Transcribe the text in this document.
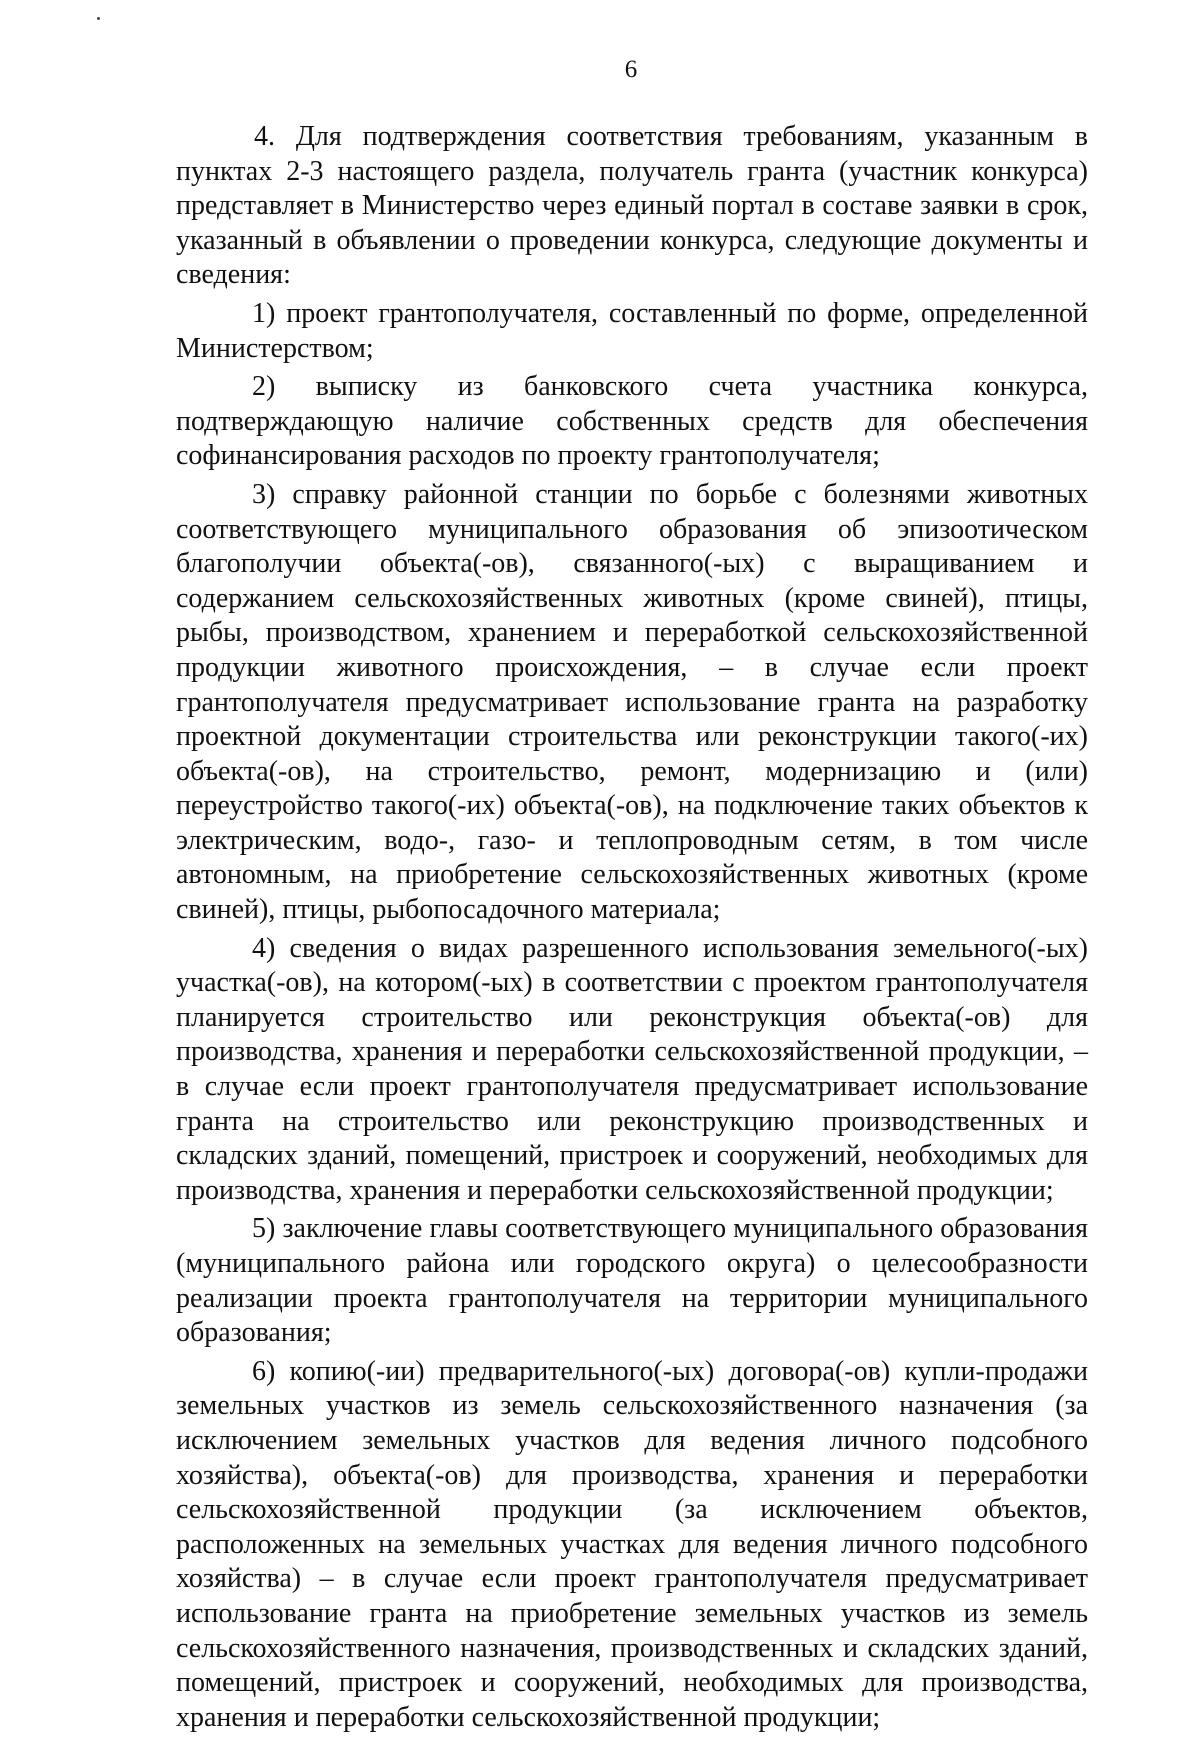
6

4. Для подтверждения соответствия требованиям, указанным в пунктах 2-3 настоящего раздела, получатель гранта (участник конкурса) представляет в Министерство через единый портал в составе заявки в срок, указанный в объявлении о проведении конкурса, следующие документы и сведения:

1) проект грантополучателя, составленный по форме, определенной Министерством;

2) выписку из банковского счета участника конкурса, подтверждающую наличие собственных средств для обеспечения софинансирования расходов по проекту грантополучателя;

3) справку районной станции по борьбе с болезнями животных соответствующего муниципального образования об эпизоотическом благополучии объекта(-ов), связанного(-ых) с выращиванием и содержанием сельскохозяйственных животных (кроме свиней), птицы, рыбы, производством, хранением и переработкой сельскохозяйственной продукции животного происхождения, – в случае если проект грантополучателя предусматривает использование гранта на разработку проектной документации строительства или реконструкции такого(-их) объекта(-ов), на строительство, ремонт, модернизацию и (или) переустройство такого(-их) объекта(-ов), на подключение таких объектов к электрическим, водо-, газо- и теплопроводным сетям, в том числе автономным, на приобретение сельскохозяйственных животных (кроме свиней), птицы, рыбопосадочного материала;

4) сведения о видах разрешенного использования земельного(-ых) участка(-ов), на котором(-ых) в соответствии с проектом грантополучателя планируется строительство или реконструкция объекта(-ов) для производства, хранения и переработки сельскохозяйственной продукции, – в случае если проект грантополучателя предусматривает использование гранта на строительство или реконструкцию производственных и складских зданий, помещений, пристроек и сооружений, необходимых для производства, хранения и переработки сельскохозяйственной продукции;

5) заключение главы соответствующего муниципального образования (муниципального района или городского округа) о целесообразности реализации проекта грантополучателя на территории муниципального образования;

6) копию(-ии) предварительного(-ых) договора(-ов) купли-продажи земельных участков из земель сельскохозяйственного назначения (за исключением земельных участков для ведения личного подсобного хозяйства), объекта(-ов) для производства, хранения и переработки сельскохозяйственной продукции (за исключением объектов, расположенных на земельных участках для ведения личного подсобного хозяйства) – в случае если проект грантополучателя предусматривает использование гранта на приобретение земельных участков из земель сельскохозяйственного назначения, производственных и складских зданий, помещений, пристроек и сооружений, необходимых для производства, хранения и переработки сельскохозяйственной продукции;
